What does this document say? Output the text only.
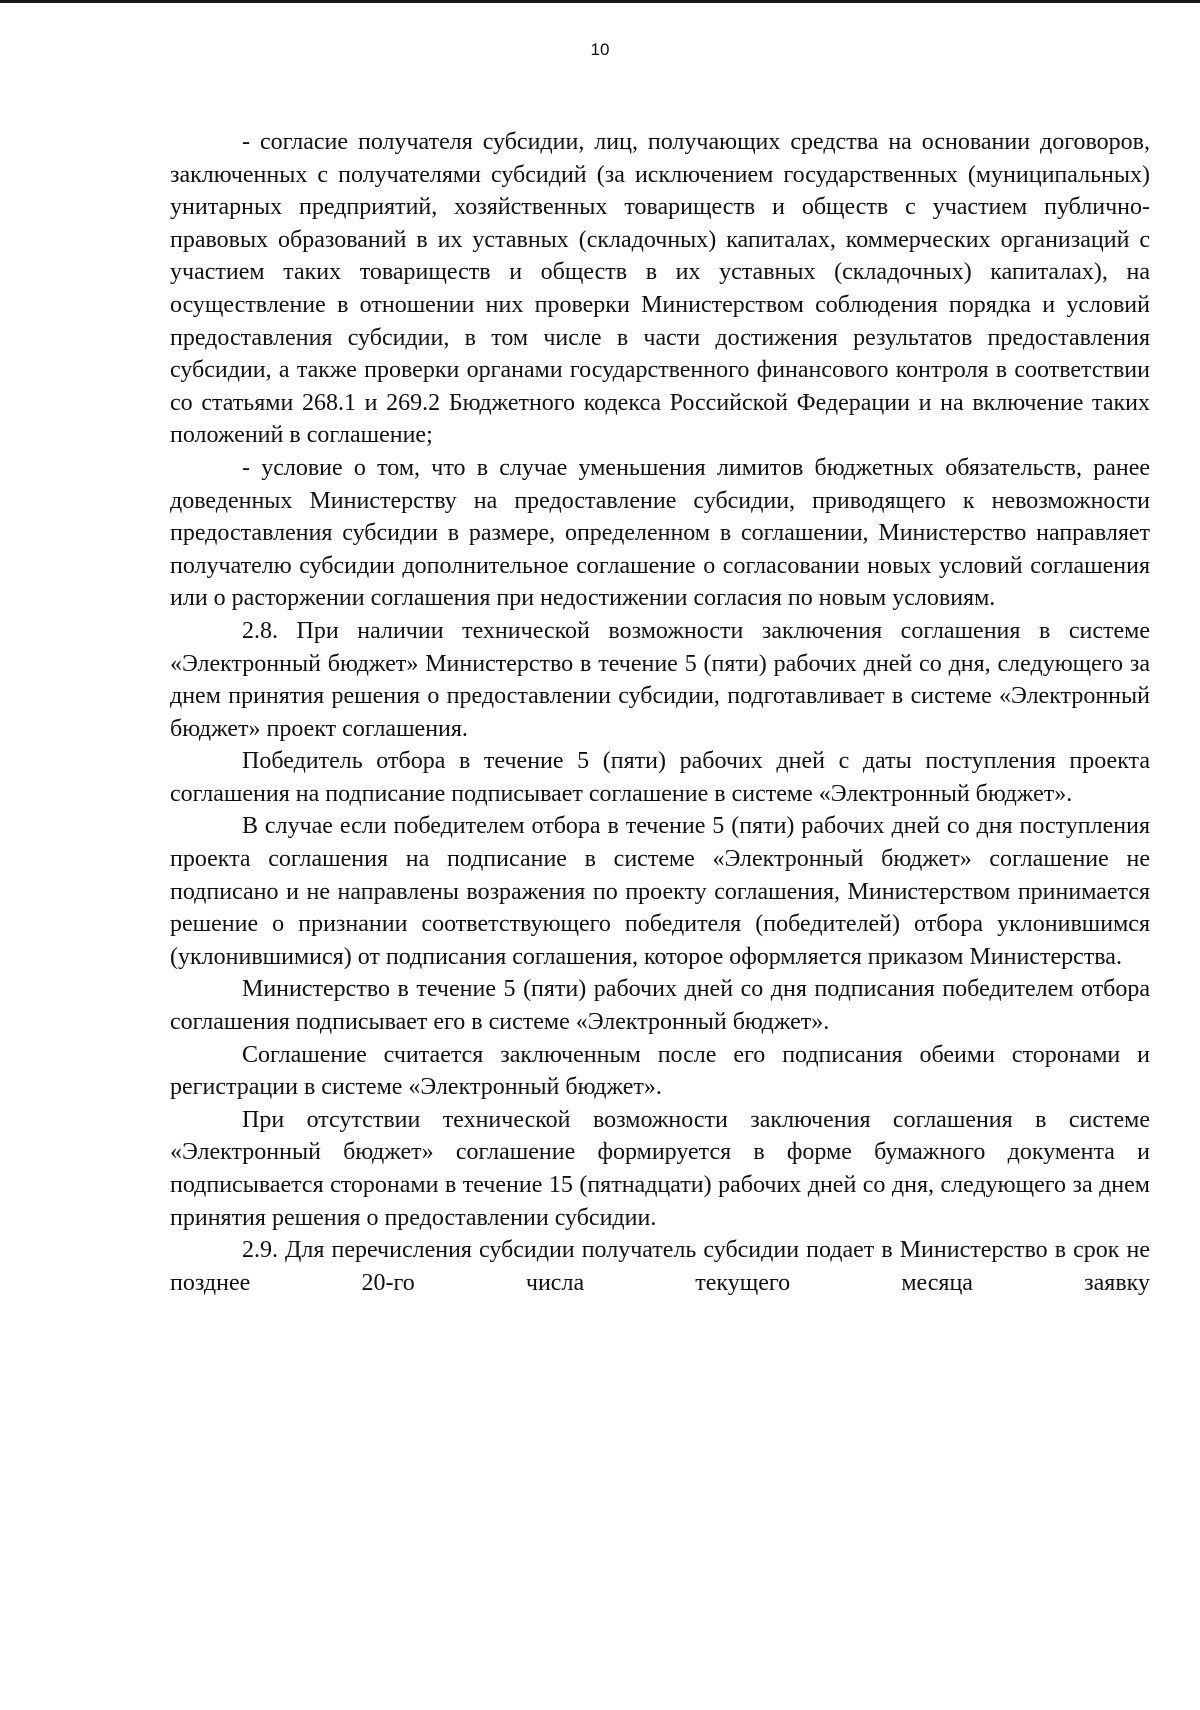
10

- согласие получателя субсидии, лиц, получающих средства на основании договоров, заключенных с получателями субсидий (за исключением государственных (муниципальных) унитарных предприятий, хозяйственных товариществ и обществ с участием публично-правовых образований в их уставных (складочных) капиталах, коммерческих организаций с участием таких товариществ и обществ в их уставных (складочных) капиталах), на осуществление в отношении них проверки Министерством соблюдения порядка и условий предоставления субсидии, в том числе в части достижения результатов предоставления субсидии, а также проверки органами государственного финансового контроля в соответствии со статьями 268.1 и 269.2 Бюджетного кодекса Российской Федерации и на включение таких положений в соглашение;

- условие о том, что в случае уменьшения лимитов бюджетных обязательств, ранее доведенных Министерству на предоставление субсидии, приводящего к невозможности предоставления субсидии в размере, определенном в соглашении, Министерство направляет получателю субсидии дополнительное соглашение о согласовании новых условий соглашения или о расторжении соглашения при недостижении согласия по новым условиям.

2.8. При наличии технической возможности заключения соглашения в системе «Электронный бюджет» Министерство в течение 5 (пяти) рабочих дней со дня, следующего за днем принятия решения о предоставлении субсидии, подготавливает в системе «Электронный бюджет» проект соглашения.

Победитель отбора в течение 5 (пяти) рабочих дней с даты поступления проекта соглашения на подписание подписывает соглашение в системе «Электронный бюджет».

В случае если победителем отбора в течение 5 (пяти) рабочих дней со дня поступления проекта соглашения на подписание в системе «Электронный бюджет» соглашение не подписано и не направлены возражения по проекту соглашения, Министерством принимается решение о признании соответствующего победителя (победителей) отбора уклонившимся (уклонившимися) от подписания соглашения, которое оформляется приказом Министерства.

Министерство в течение 5 (пяти) рабочих дней со дня подписания победителем отбора соглашения подписывает его в системе «Электронный бюджет».

Соглашение считается заключенным после его подписания обеими сторонами и регистрации в системе «Электронный бюджет».

При отсутствии технической возможности заключения соглашения в системе «Электронный бюджет» соглашение формируется в форме бумажного документа и подписывается сторонами в течение 15 (пятнадцати) рабочих дней со дня, следующего за днем принятия решения о предоставлении субсидии.

2.9. Для перечисления субсидии получатель субсидии подает в Министерство в срок не позднее 20-го числа текущего месяца заявку
